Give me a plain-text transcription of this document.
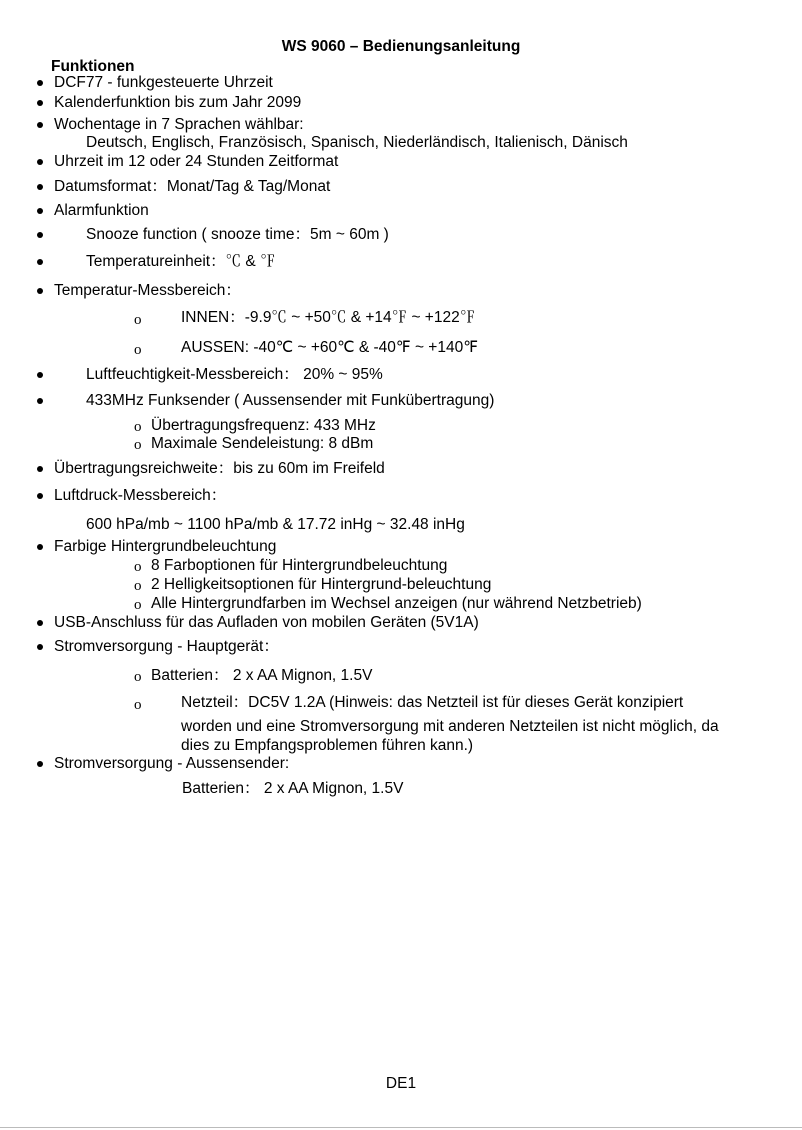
WS 9060 – Bedienungsanleitung
Funktionen
DCF77 - funkgesteuerte Uhrzeit
Kalenderfunktion bis zum Jahr 2099
Wochentage in 7 Sprachen wählbar:
Deutsch, Englisch, Französisch, Spanisch, Niederländisch, Italienisch, Dänisch
Uhrzeit im 12 oder 24 Stunden Zeitformat
Datumsformat：Monat/Tag & Tag/Monat
Alarmfunktion
Snooze function ( snooze time：5m ~ 60m )
Temperatureinheit：℃ & ℉
Temperatur-Messbereich：
o	INNEN：-9.9℃ ~ +50℃ & +14℉ ~ +122℉
o	AUSSEN: -40℃ ~ +60℃ & -40℉ ~ +140℉
Luftfeuchtigkeit-Messbereich： 20% ~ 95%
433MHz Funksender ( Aussensender mit Funkübertragung)
o Übertragungsfrequenz: 433 MHz
o Maximale Sendeleistung: 8 dBm
Übertragungsreichweite：bis zu 60m im Freifeld
Luftdruck-Messbereich：
600 hPa/mb ~ 1100 hPa/mb & 17.72 inHg ~ 32.48 inHg
Farbige Hintergrundbeleuchtung
o 8 Farboptionen für Hintergrundbeleuchtung
o 2 Helligkeitsoptionen für Hintergrund-beleuchtung
o Alle Hintergrundfarben im Wechsel anzeigen (nur während Netzbetrieb)
USB-Anschluss für das Aufladen von mobilen Geräten (5V1A)
Stromversorgung - Hauptgerät：
o Batterien： 2 x AA Mignon, 1.5V
o	Netzteil：DC5V 1.2A (Hinweis: das Netzteil ist für dieses Gerät konzipiert
worden und eine Stromversorgung mit anderen Netzteilen ist nicht möglich, da
dies zu Empfangsproblemen führen kann.)
Stromversorgung - Aussensender:
Batterien： 2 x AA Mignon, 1.5V
DE1
